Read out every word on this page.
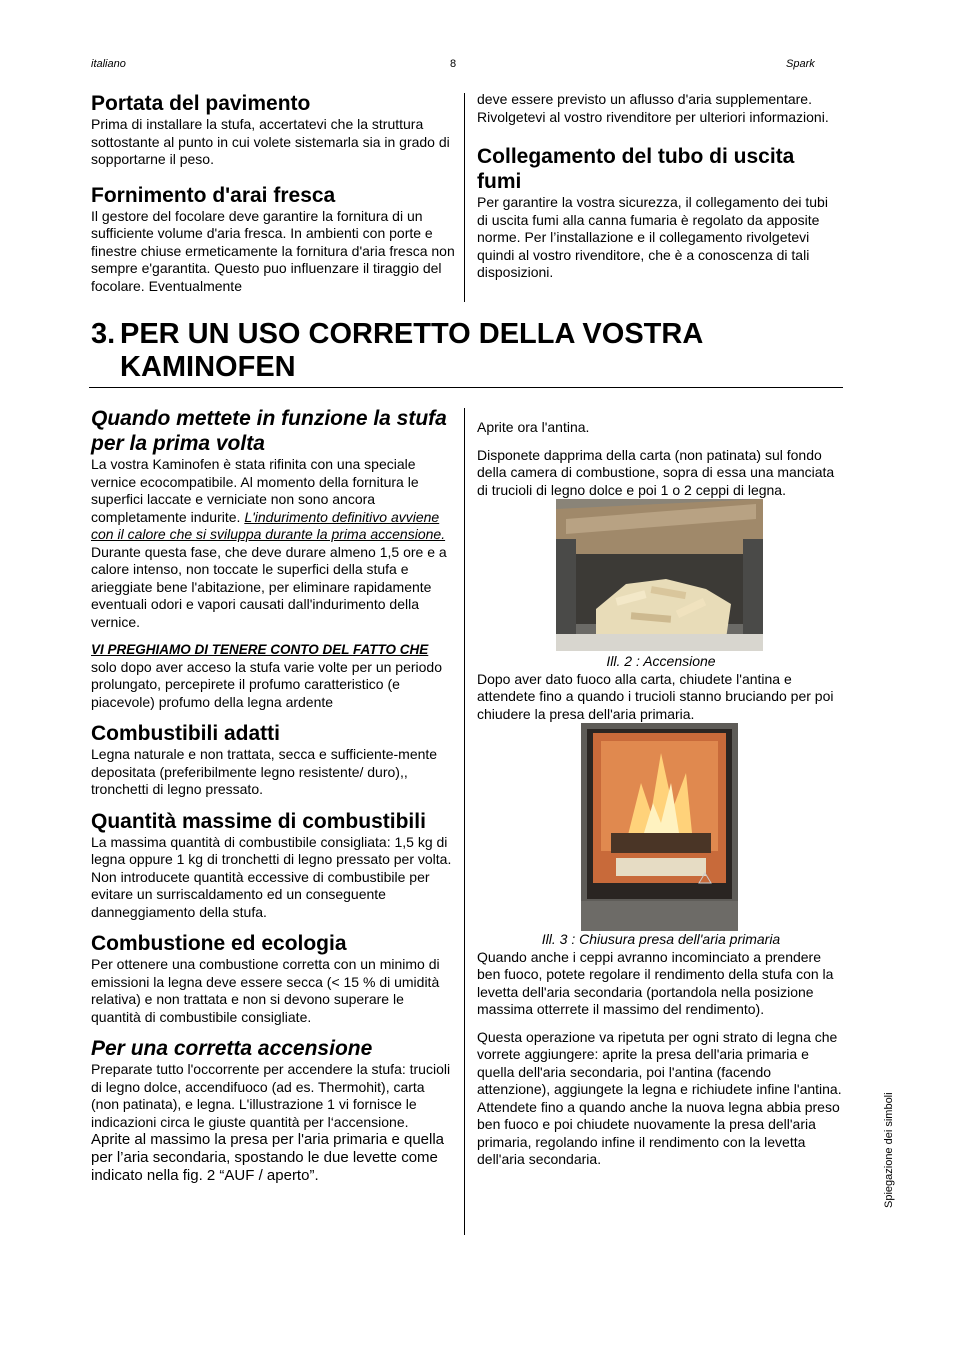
italiano	8	Spark
Portata del pavimento

Prima di installare la stufa, accertatevi che la struttura sottostante al punto in cui volete sistemarla sia in grado di sopportarne il peso.

Fornimento d'arai fresca

Il gestore del focolare deve garantire la fornitura di un sufficiente volume d'aria fresca. In ambienti con porte e finestre chiuse ermeticamente la fornitura d'aria fresca non sempre e'garantita. Questo puo influenzare il tiraggio del focolare. Eventualmente

deve essere previsto un aflusso d'aria supplementare. Rivolgetevi al vostro rivenditore per ulteriori informazioni.

Collegamento del tubo di uscita fumi

Per garantire la vostra sicurezza, il collegamento dei tubi di uscita fumi alla canna fumaria è regolato da apposite norme. Per l’installazione e il collegamento rivolgetevi quindi al vostro rivenditore, che è a conoscenza di tali disposizioni.

3. PER UN USO CORRETTO DELLA VOSTRA KAMINOFEN
Quando mettete in funzione la stufa per la prima volta

La vostra Kaminofen è stata rifinita con una speciale vernice ecocompatibile. Al momento della fornitura le superfici laccate e verniciate non sono ancora completamente indurite. L'indurimento definitivo avviene con il calore che si sviluppa durante la prima accensione. Durante questa fase, che deve durare almeno 1,5 ore e a calore intenso, non toccate le superfici della stufa e arieggiate bene l'abitazione, per eliminare rapidamente eventuali odori e vapori causati dall'indurimento della vernice.

VI PREGHIAMO DI TENERE CONTO DEL FATTO CHE solo dopo aver acceso la stufa varie volte per un periodo prolungato, percepirete il profumo caratteristico (e piacevole) profumo della legna ardente

Combustibili adatti

Legna naturale e non trattata, secca e sufficiente-mente depositata (preferibilmente legno resistente/ duro),, tronchetti di legno pressato.

Quantità massime di combustibili

La massima quantità di combustibile consigliata: 1,5 kg di legna oppure 1 kg di tronchetti di legno pressato per volta. Non introducete quantità eccessive di combustibile per evitare un surriscaldamento ed un conseguente danneggiamento della stufa.

Combustione ed ecologia

Per ottenere una combustione corretta con un minimo di emissioni la legna deve essere secca (< 15 % di umidità relativa) e non trattata e non si devono superare le quantità di combustibile consigliate.

Per una corretta accensione

Preparate tutto l'occorrente per accendere la stufa: trucioli di legno dolce, accendifuoco (ad es. Thermohit), carta (non patinata), e legna. L'illustrazione 1 vi fornisce le indicazioni circa le giuste quantità per l‘accensione.

Aprite al massimo la presa per l'aria primaria e quella per l’aria secondaria, spostando le due levette come indicato nella fig. 2 “AUF / aperto”.

Aprite ora l'antina.

Disponete dapprima della carta (non patinata) sul fondo della camera di combustione, sopra di essa una manciata di trucioli di legno dolce e poi 1 o 2 ceppi di legna.

Ill. 2 : Accensione

Dopo aver dato fuoco alla carta, chiudete l'antina e attendete fino a quando i trucioli stanno bruciando per poi chiudere la presa dell'aria primaria.

Ill. 3 : Chiusura presa dell'aria primaria

Quando anche i ceppi avranno incominciato a prendere ben fuoco, potete regolare il rendimento della stufa con la levetta dell'aria secondaria (portandola nella posizione massima otterrete il massimo del rendimento).

Questa operazione va ripetuta per ogni strato di legna che vorrete aggiungere: aprite la presa dell'aria primaria e quella dell'aria secondaria, poi l'antina (facendo attenzione), aggiungete la legna e richiudete infine l'antina. Attendete fino a quando anche la nuova legna abbia preso ben fuoco e poi chiudete nuovamente la presa dell'aria primaria, regolando infine il rendimento con la levetta dell'aria secondaria.	Spiegazione dei simboli
